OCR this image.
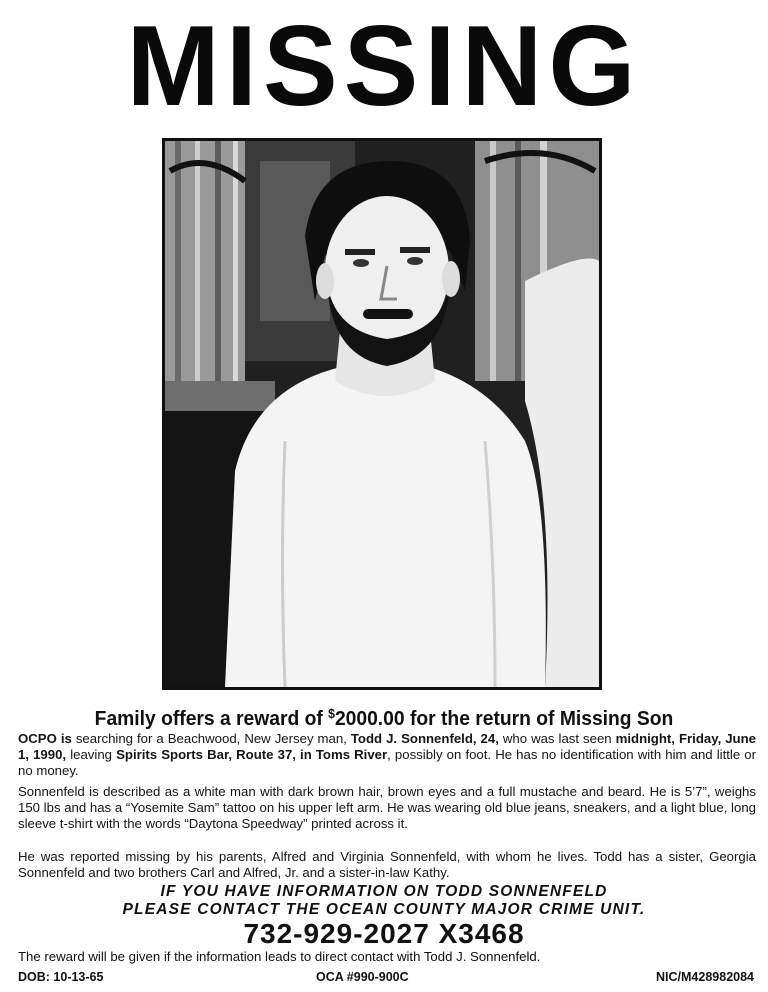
MISSING
Family offers a reward of $2000.00 for the return of Missing Son
OCPO is searching for a Beachwood, New Jersey man, Todd J. Sonnenfeld, 24, who was last seen midnight, Friday, June 1, 1990, leaving Spirits Sports Bar, Route 37, in Toms River, possibly on foot. He has no identification with him and little or no money.
Sonnenfeld is described as a white man with dark brown hair, brown eyes and a full mustache and beard. He is 5’7”, weighs 150 lbs and has a “Yosemite Sam” tattoo on his upper left arm. He was wearing old blue jeans, sneakers, and a light blue, long sleeve t-shirt with the words “Daytona Speedway” printed across it.
He was reported missing by his parents, Alfred and Virginia Sonnenfeld, with whom he lives. Todd has a sister, Georgia Sonnenfeld and two brothers Carl and Alfred, Jr. and a sister-in-law Kathy.
IF YOU HAVE INFORMATION ON TODD SONNENFELD
PLEASE CONTACT THE OCEAN COUNTY MAJOR CRIME UNIT.
732-929-2027 X3468
The reward will be given if the information leads to direct contact with Todd J. Sonnenfeld.
DOB: 10-13-65	OCA #990-900C	NIC/M428982084
